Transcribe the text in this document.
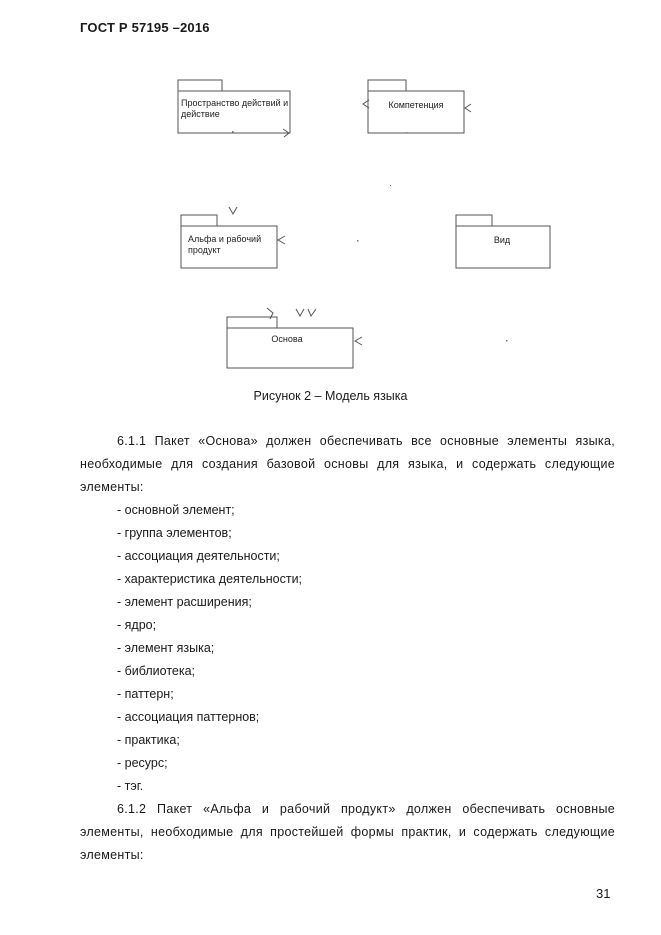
ГОСТ Р 57195 –2016
Пространство действий и
действие
Компетенция
Альфа и рабочий
продукт
Вид
Основа
Рисунок 2 – Модель языка

6.1.1 Пакет «Основа» должен обеспечивать все основные элементы языка, необходимые для создания базовой основы для языка, и содержать следующие элементы:

- основной элемент;
- группа элементов;
- ассоциация деятельности;
- характеристика деятельности;
- элемент расширения;
- ядро;
- элемент языка;
- библиотека;
- паттерн;
- ассоциация паттернов;
- практика;
- ресурс;
- тэг.

6.1.2 Пакет «Альфа и рабочий продукт» должен обеспечивать основные элементы, необходимые для простейшей формы практик, и содержать следующие элементы:

31
